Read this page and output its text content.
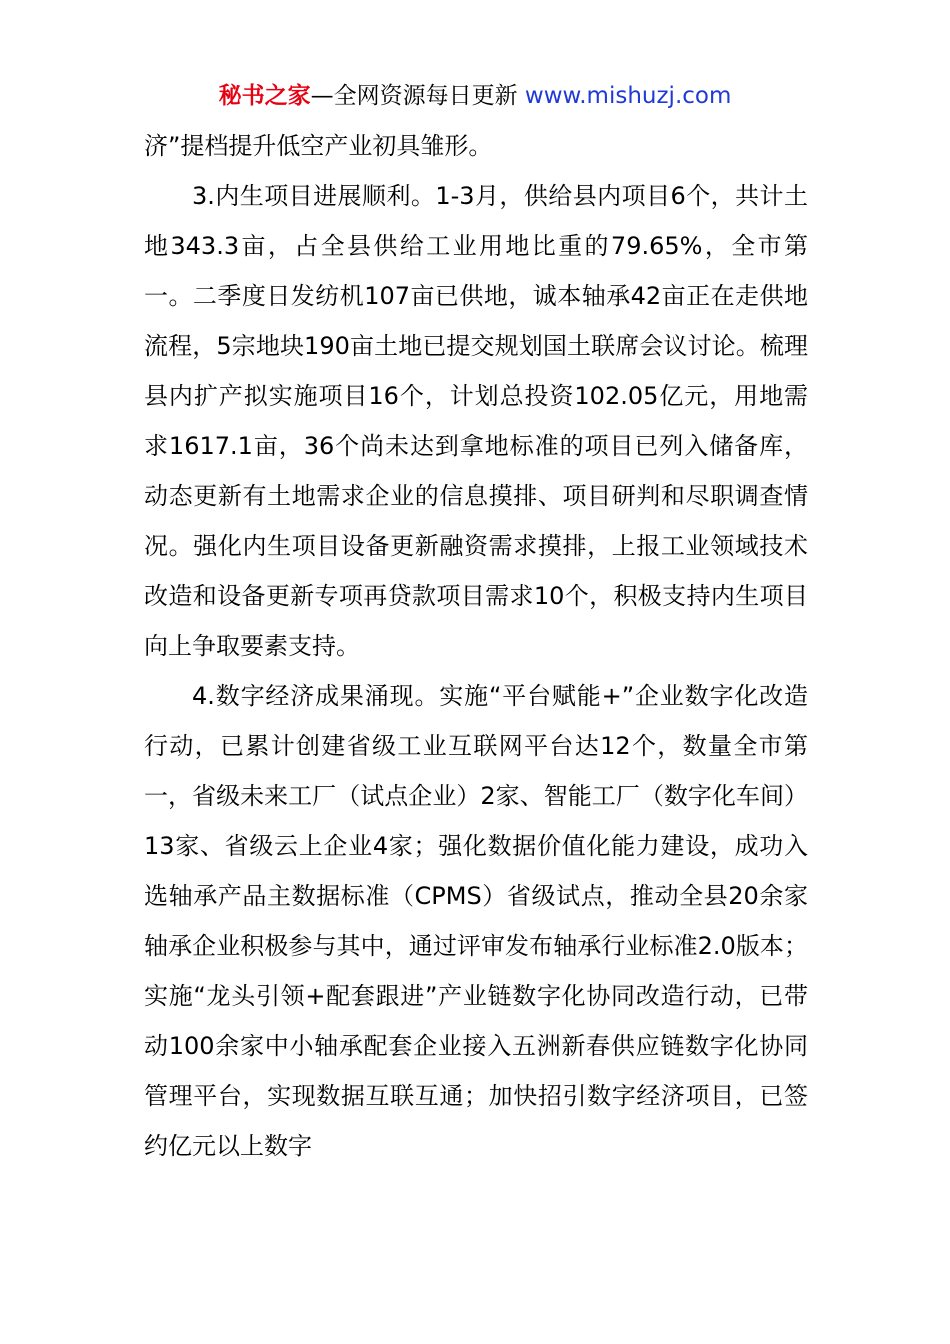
秘书之家—全网资源每日更新 www.mishuzj.com

济”提档提升低空产业初具雏形。

3.内生项目进展顺利。1-3月，供给县内项目6个，共计土地343.3亩，占全县供给工业用地比重的79.65%，全市第一。二季度日发纺机107亩已供地，诚本轴承42亩正在走供地流程，5宗地块190亩土地已提交规划国土联席会议讨论。梳理县内扩产拟实施项目16个，计划总投资102.05亿元，用地需求1617.1亩，36个尚未达到拿地标准的项目已列入储备库，动态更新有土地需求企业的信息摸排、项目研判和尽职调查情况。强化内生项目设备更新融资需求摸排，上报工业领域技术改造和设备更新专项再贷款项目需求10个，积极支持内生项目向上争取要素支持。

4.数字经济成果涌现。实施“平台赋能+”企业数字化改造行动，已累计创建省级工业互联网平台达12个，数量全市第一，省级未来工厂（试点企业）2家、智能工厂（数字化车间）13家、省级云上企业4家；强化数据价值化能力建设，成功入选轴承产品主数据标准（CPMS）省级试点，推动全县20余家轴承企业积极参与其中，通过评审发布轴承行业标准2.0版本；实施“龙头引领+配套跟进”产业链数字化协同改造行动，已带动100余家中小轴承配套企业接入五洲新春供应链数字化协同管理平台，实现数据互联互通；加快招引数字经济项目，已签约亿元以上数字
